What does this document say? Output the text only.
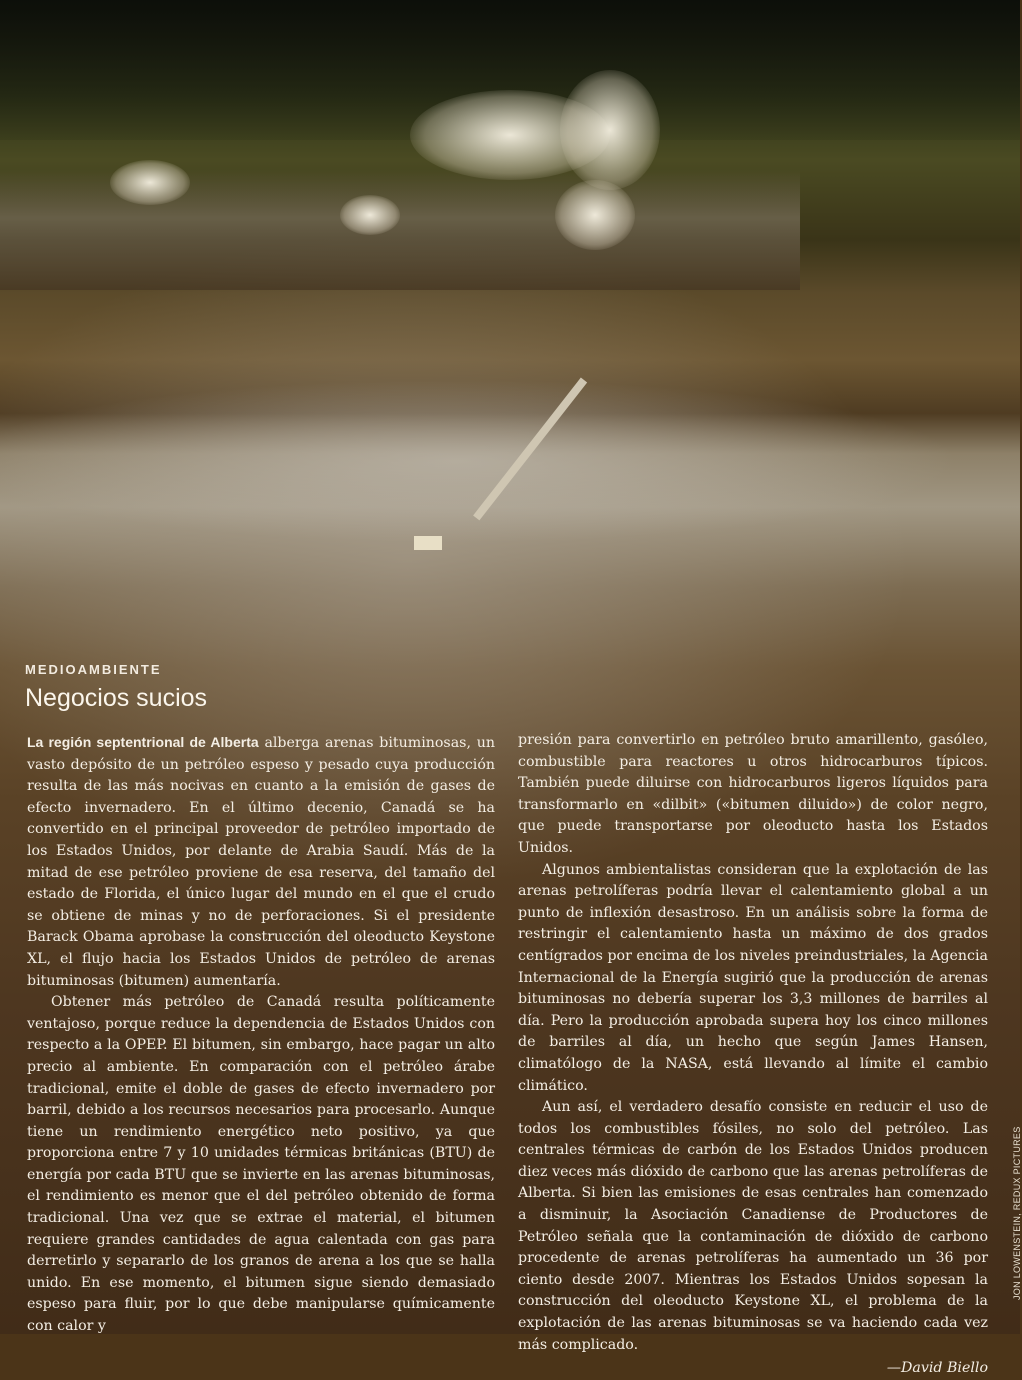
MEDIOAMBIENTE
Negocios sucios

La región septentrional de Alberta alberga arenas bituminosas, un vasto depósito de un petróleo espeso y pesado cuya producción resulta de las más nocivas en cuanto a la emisión de gases de efecto invernadero. En el último decenio, Canadá se ha convertido en el principal proveedor de petróleo importado de los Estados Unidos, por delante de Arabia Saudí. Más de la mitad de ese petróleo proviene de esa reserva, del tamaño del estado de Florida, el único lugar del mundo en el que el crudo se obtiene de minas y no de perforaciones. Si el presidente Barack Obama aprobase la construcción del oleoducto Keystone XL, el flujo hacia los Estados Unidos de petróleo de arenas bituminosas (bitumen) aumentaría.

Obtener más petróleo de Canadá resulta políticamente ventajoso, porque reduce la dependencia de Estados Unidos con respecto a la OPEP. El bitumen, sin embargo, hace pagar un alto precio al ambiente. En comparación con el petróleo árabe tradicional, emite el doble de gases de efecto invernadero por barril, debido a los recursos necesarios para procesarlo. Aunque tiene un rendimiento energético neto positivo, ya que proporciona entre 7 y 10 unidades térmicas británicas (BTU) de energía por cada BTU que se invierte en las arenas bituminosas, el rendimiento es menor que el del petróleo obtenido de forma tradicional. Una vez que se extrae el material, el bitumen requiere grandes cantidades de agua calentada con gas para derretirlo y separarlo de los granos de arena a los que se halla unido. En ese momento, el bitumen sigue siendo demasiado espeso para fluir, por lo que debe manipularse químicamente con calor y

presión para convertirlo en petróleo bruto amarillento, gasóleo, combustible para reactores u otros hidrocarburos típicos. También puede diluirse con hidrocarburos ligeros líquidos para transformarlo en «dilbit» («bitumen diluido») de color negro, que puede transportarse por oleoducto hasta los Estados Unidos.

Algunos ambientalistas consideran que la explotación de las arenas petrolíferas podría llevar el calentamiento global a un punto de inflexión desastroso. En un análisis sobre la forma de restringir el calentamiento hasta un máximo de dos grados centígrados por encima de los niveles preindustriales, la Agencia Internacional de la Energía sugirió que la producción de arenas bituminosas no debería superar los 3,3 millones de barriles al día. Pero la producción aprobada supera hoy los cinco millones de barriles al día, un hecho que según James Hansen, climatólogo de la NASA, está llevando al límite el cambio climático.

Aun así, el verdadero desafío consiste en reducir el uso de todos los combustibles fósiles, no solo del petróleo. Las centrales térmicas de carbón de los Estados Unidos producen diez veces más dióxido de carbono que las arenas petrolíferas de Alberta. Si bien las emisiones de esas centrales han comenzado a disminuir, la Asociación Canadiense de Productores de Petróleo señala que la contaminación de dióxido de carbono procedente de arenas petrolíferas ha aumentado un 36 por ciento desde 2007. Mientras los Estados Unidos sopesan la construcción del oleoducto Keystone XL, el problema de la explotación de las arenas bituminosas se va haciendo cada vez más complicado.

—David Biello
JON LOWENSTEIN, REDUX PICTURES
